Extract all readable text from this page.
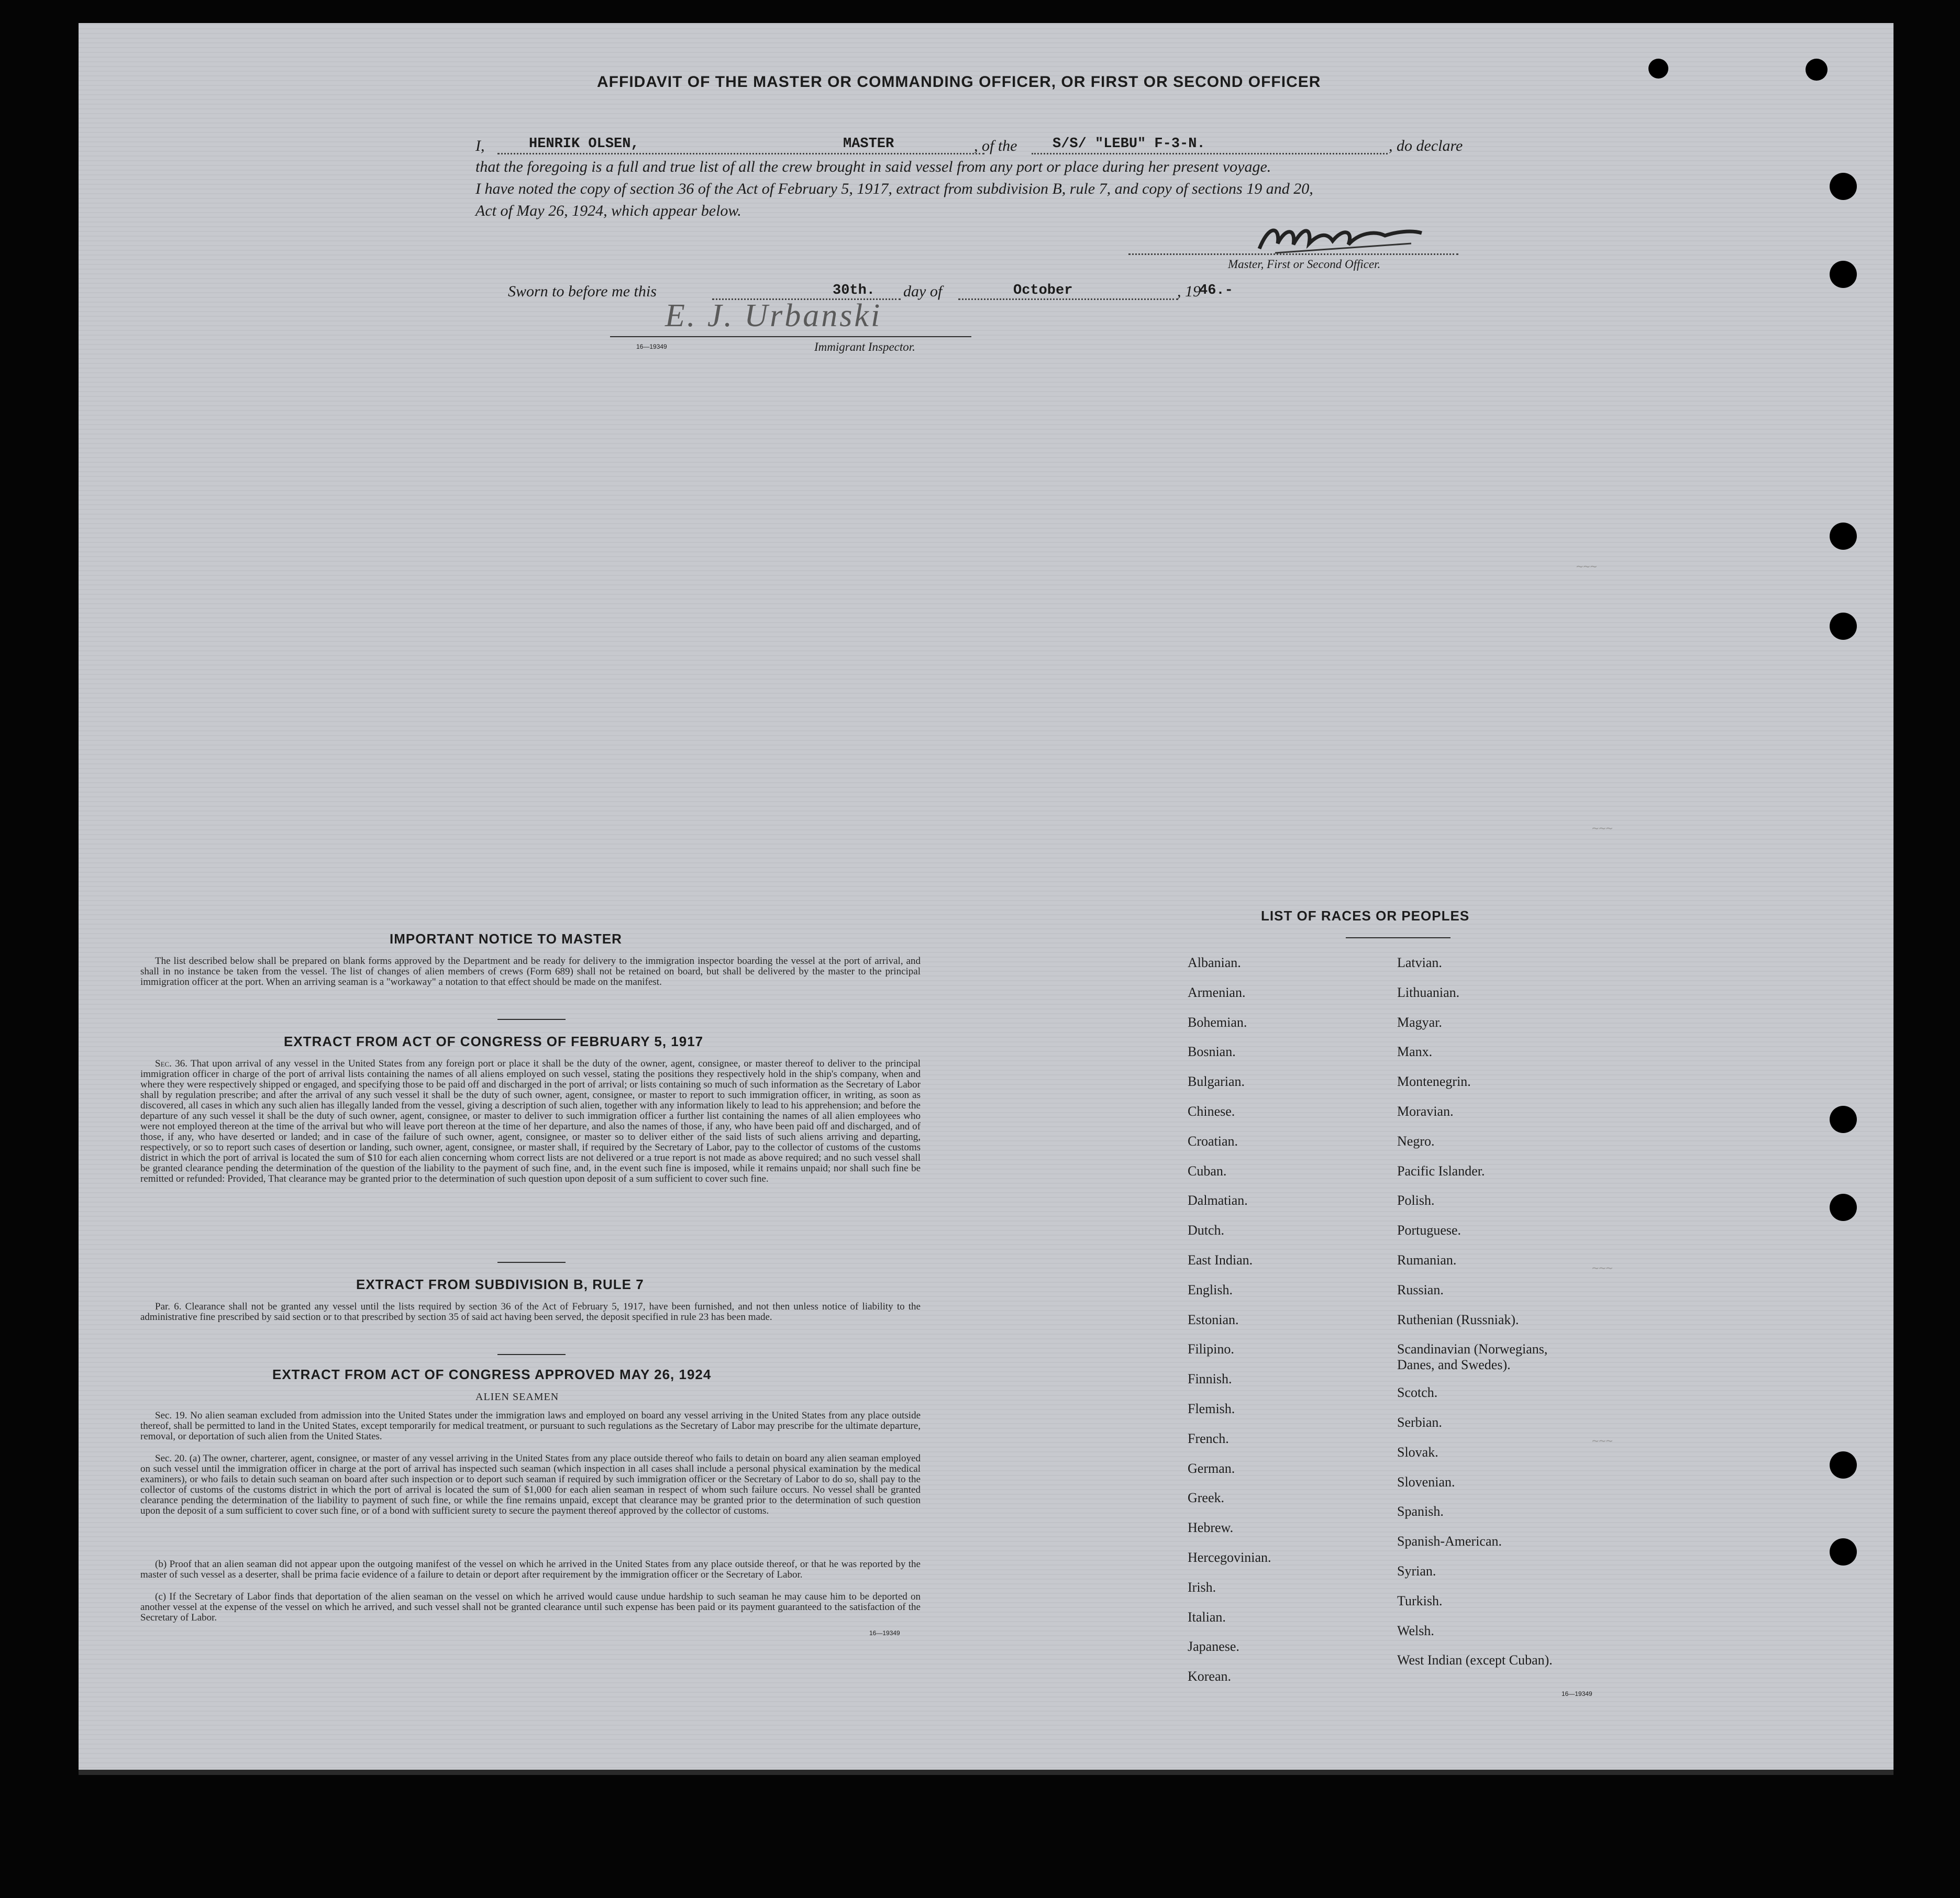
∼∼∼
∼∼∼
∼∼∼
∼∼∼
AFFIDAVIT OF THE MASTER OR COMMANDING OFFICER, OR FIRST OR SECOND OFFICER
I,	HENRIK OLSEN,	MASTER	, of the	S/S/ "LEBU" F-3-N.	, do declare
that the foregoing is a full and true list of all the crew brought in said vessel from any port or place during her present voyage.
I have noted the copy of section 36 of the Act of February 5, 1917, extract from subdivision B, rule 7, and copy of sections 19 and 20,
Act of May 26, 1924, which appear below.
Master, First or Second Officer.
Sworn to before me this	30th. day of	October	, 19
46.-
E. J. Urbanski
16—19349	Immigrant Inspector.
IMPORTANT NOTICE TO MASTER
The list described below shall be prepared on blank forms approved by the Department and be ready for delivery to the immigration inspector boarding the vessel at the port of arrival, and shall in no instance be taken from the vessel. The list of changes of alien members of crews (Form 689) shall not be retained on board, but shall be delivered by the master to the principal immigration officer at the port. When an arriving seaman is a "workaway" a notation to that effect should be made on the manifest.
EXTRACT FROM ACT OF CONGRESS OF FEBRUARY 5, 1917
Sec. 36. That upon arrival of any vessel in the United States from any foreign port or place it shall be the duty of the owner, agent, consignee, or master thereof to deliver to the principal immigration officer in charge of the port of arrival lists containing the names of all aliens employed on such vessel, stating the positions they respectively hold in the ship's company, when and where they were respectively shipped or engaged, and specifying those to be paid off and discharged in the port of arrival; or lists containing so much of such information as the Secretary of Labor shall by regulation prescribe; and after the arrival of any such vessel it shall be the duty of such owner, agent, consignee, or master to report to such immigration officer, in writing, as soon as discovered, all cases in which any such alien has illegally landed from the vessel, giving a description of such alien, together with any information likely to lead to his apprehension; and before the departure of any such vessel it shall be the duty of such owner, agent, consignee, or master to deliver to such immigration officer a further list containing the names of all alien employees who were not employed thereon at the time of the arrival but who will leave port thereon at the time of her departure, and also the names of those, if any, who have been paid off and discharged, and of those, if any, who have deserted or landed; and in case of the failure of such owner, agent, consignee, or master so to deliver either of the said lists of such aliens arriving and departing, respectively, or so to report such cases of desertion or landing, such owner, agent, consignee, or master shall, if required by the Secretary of Labor, pay to the collector of customs of the customs district in which the port of arrival is located the sum of $10 for each alien concerning whom correct lists are not delivered or a true report is not made as above required; and no such vessel shall be granted clearance pending the determination of the question of the liability to the payment of such fine, and, in the event such fine is imposed, while it remains unpaid; nor shall such fine be remitted or refunded: Provided, That clearance may be granted prior to the determination of such question upon deposit of a sum sufficient to cover such fine.
EXTRACT FROM SUBDIVISION B, RULE 7
Par. 6. Clearance shall not be granted any vessel until the lists required by section 36 of the Act of February 5, 1917, have been furnished, and not then unless notice of liability to the administrative fine prescribed by said section or to that prescribed by section 35 of said act having been served, the deposit specified in rule 23 has been made.
EXTRACT FROM ACT OF CONGRESS APPROVED MAY 26, 1924
ALIEN SEAMEN
Sec. 19. No alien seaman excluded from admission into the United States under the immigration laws and employed on board any vessel arriving in the United States from any place outside thereof, shall be permitted to land in the United States, except temporarily for medical treatment, or pursuant to such regulations as the Secretary of Labor may prescribe for the ultimate departure, removal, or deportation of such alien from the United States.
Sec. 20. (a) The owner, charterer, agent, consignee, or master of any vessel arriving in the United States from any place outside thereof who fails to detain on board any alien seaman employed on such vessel until the immigration officer in charge at the port of arrival has inspected such seaman (which inspection in all cases shall include a personal physical examination by the medical examiners), or who fails to detain such seaman on board after such inspection or to deport such seaman if required by such immigration officer or the Secretary of Labor to do so, shall pay to the collector of customs of the customs district in which the port of arrival is located the sum of $1,000 for each alien seaman in respect of whom such failure occurs. No vessel shall be granted clearance pending the determination of the liability to payment of such fine, or while the fine remains unpaid, except that clearance may be granted prior to the determination of such question upon the deposit of a sum sufficient to cover such fine, or of a bond with sufficient surety to secure the payment thereof approved by the collector of customs.
(b) Proof that an alien seaman did not appear upon the outgoing manifest of the vessel on which he arrived in the United States from any place outside thereof, or that he was reported by the master of such vessel as a deserter, shall be prima facie evidence of a failure to detain or deport after requirement by the immigration officer or the Secretary of Labor.
(c) If the Secretary of Labor finds that deportation of the alien seaman on the vessel on which he arrived would cause undue hardship to such seaman he may cause him to be deported on another vessel at the expense of the vessel on which he arrived, and such vessel shall not be granted clearance until such expense has been paid or its payment guaranteed to the satisfaction of the Secretary of Labor.
16—19349
LIST OF RACES OR PEOPLES
Albanian.
Armenian.
Bohemian.
Bosnian.
Bulgarian.
Chinese.
Croatian.
Cuban.
Dalmatian.
Dutch.
East Indian.
English.
Estonian.
Filipino.
Finnish.
Flemish.
French.
German.
Greek.
Hebrew.
Hercegovinian.
Irish.
Italian.
Japanese.
Korean.
Latvian.
Lithuanian.
Magyar.
Manx.
Montenegrin.
Moravian.
Negro.
Pacific Islander.
Polish.
Portuguese.
Rumanian.
Russian.
Ruthenian (Russniak).
Scandinavian (Norwegians,
Danes, and Swedes).
Scotch.
Serbian.
Slovak.
Slovenian.
Spanish.
Spanish-American.
Syrian.
Turkish.
Welsh.
West Indian (except Cuban).
16—19349
